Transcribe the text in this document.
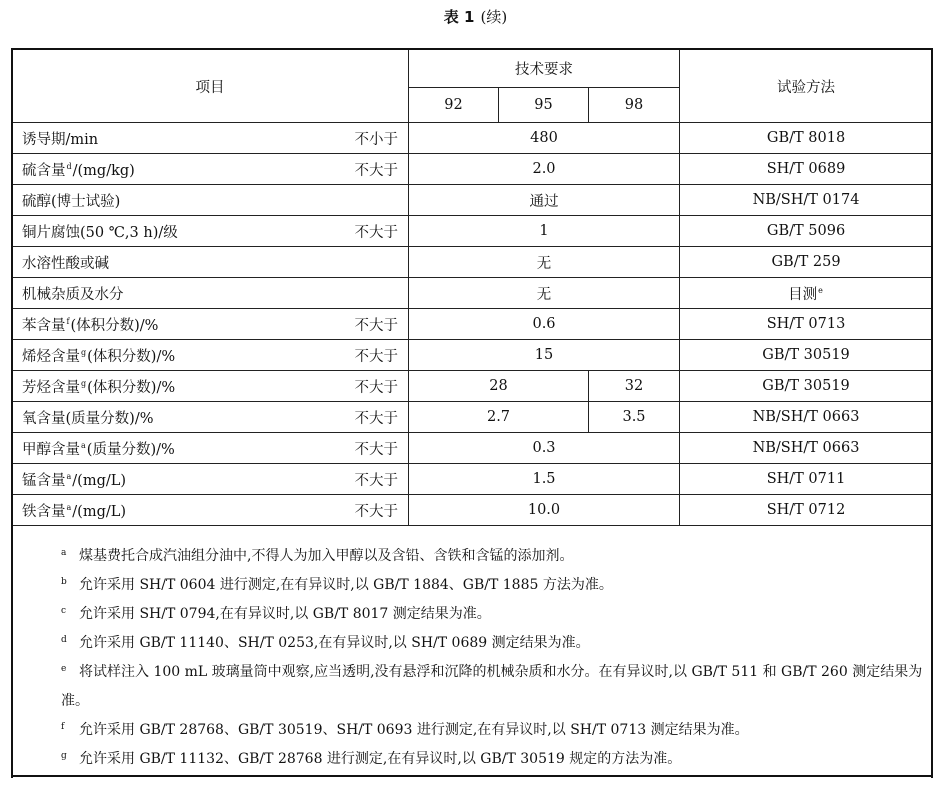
表 1 (续)
项目	技术要求			试验方法
	92	95	98	

诱导期/min 不小于	480			GB/T 8018

硫含量$^d$/(mg/kg) 不大于	2.0			SH/T 0689

硫醇(博士试验)	通过			NB/SH/T 0174

铜片腐蚀(50 ℃,3 h)/级 不大于	1			GB/T 5096

水溶性酸或碱	无			GB/T 259

机械杂质及水分	无			目测$^e$

苯含量$^f$(体积分数)/% 不大于	0.6			SH/T 0713

烯烃含量$^g$(体积分数)/% 不大于	15			GB/T 30519

芳烃含量$^g$(体积分数)/% 不大于	28		32	GB/T 30519

氧含量(质量分数)/% 不大于	2.7		3.5	NB/SH/T 0663

甲醇含量$^a$(质量分数)/% 不大于	0.3			NB/SH/T 0663

锰含量$^a$/(mg/L) 不大于	1.5			SH/T 0711

铁含量$^a$/(mg/L) 不大于	10.0			SH/T 0712
a 煤基费托合成汽油组分油中,不得人为加入甲醇以及含铅、含铁和含锰的添加剂。
b 允许采用 SH/T 0604 进行测定,在有异议时,以 GB/T 1884、GB/T 1885 方法为准。
c 允许采用 SH/T 0794,在有异议时,以 GB/T 8017 测定结果为准。
d 允许采用 GB/T 11140、SH/T 0253,在有异议时,以 SH/T 0689 测定结果为准。
e 将试样注入 100 mL 玻璃量筒中观察,应当透明,没有悬浮和沉降的机械杂质和水分。在有异议时,以 GB/T 511 和 GB/T 260 测定结果为准。
f 允许采用 GB/T 28768、GB/T 30519、SH/T 0693 进行测定,在有异议时,以 SH/T 0713 测定结果为准。
g 允许采用 GB/T 11132、GB/T 28768 进行测定,在有异议时,以 GB/T 30519 规定的方法为准。
